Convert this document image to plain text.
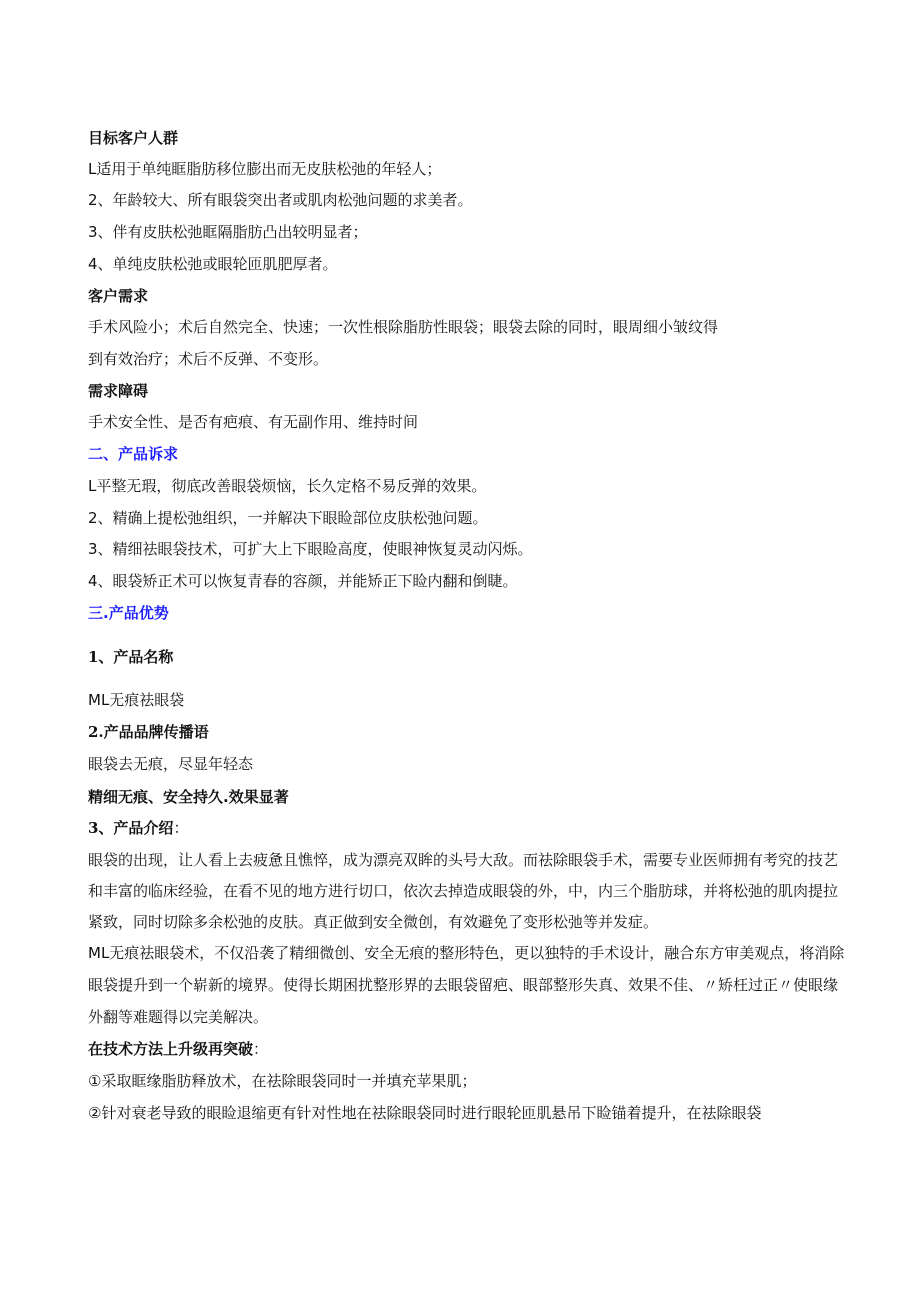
目标客户人群
L适用于单纯眶脂肪移位膨出而无皮肤松弛的年轻人；
2、年龄较大、所有眼袋突出者或肌肉松弛问题的求美者。
3、伴有皮肤松弛眶隔脂肪凸出较明显者；
4、单纯皮肤松弛或眼轮匝肌肥厚者。
客户需求
手术风险小；术后自然完全、快速；一次性根除脂肪性眼袋；眼袋去除的同时，眼周细小皱纹得
到有效治疗；术后不反弹、不变形。
需求障碍
手术安全性、是否有疤痕、有无副作用、维持时间
二、产品诉求
L平整无瑕，彻底改善眼袋烦恼，长久定格不易反弹的效果。
2、精确上提松弛组织，一并解决下眼睑部位皮肤松弛问题。
3、精细祛眼袋技术，可扩大上下眼睑高度，使眼神恢复灵动闪烁。
4、眼袋矫正术可以恢复青春的容颜，并能矫正下睑内翻和倒睫。
三.产品优势
1、产品名称
ML无痕祛眼袋
2.产品品牌传播语
眼袋去无痕，尽显年轻态
精细无痕、安全持久.效果显著
3、产品介绍：
眼袋的出现，让人看上去疲惫且憔悴，成为漂亮双眸的头号大敌。而祛除眼袋手术，需要专业医师拥有考究的技艺
和丰富的临床经验，在看不见的地方进行切口，依次去掉造成眼袋的外，中，内三个脂肪球，并将松弛的肌肉提拉
紧致，同时切除多余松弛的皮肤。真正做到安全微创，有效避免了变形松弛等并发症。
ML无痕祛眼袋术，不仅沿袭了精细微创、安全无痕的整形特色，更以独特的手术设计，融合东方审美观点，将消除
眼袋提升到一个崭新的境界。使得长期困扰整形界的去眼袋留疤、眼部整形失真、效果不佳、〃矫枉过正〃使眼缘
外翻等难题得以完美解决。
在技术方法上升级再突破：
①采取眶缘脂肪释放术，在祛除眼袋同时一并填充苹果肌；
②针对衰老导致的眼睑退缩更有针对性地在祛除眼袋同时进行眼轮匝肌悬吊下睑锚着提升，在祛除眼袋
